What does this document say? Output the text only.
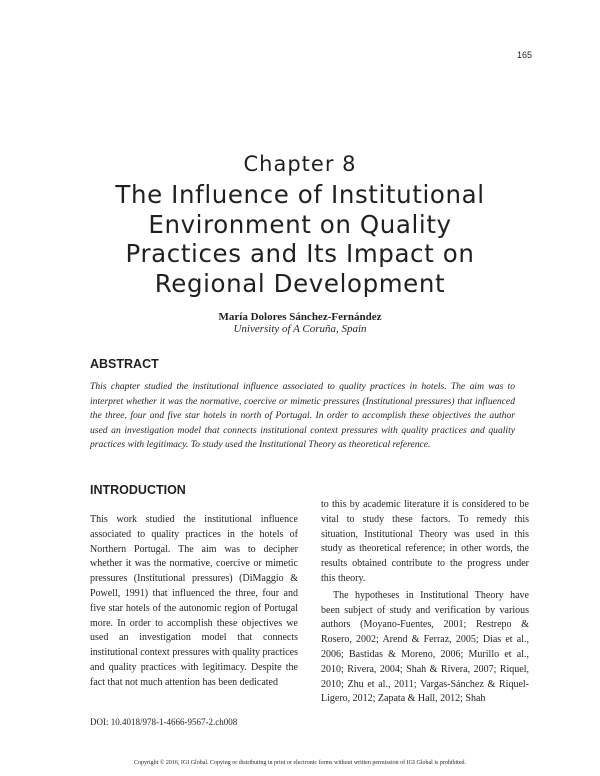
165
Chapter 8
The Influence of Institutional
Environment on Quality
Practices and Its Impact on
Regional Development
María Dolores Sánchez-Fernández
University of A Coruña, Spain
ABSTRACT
This chapter studied the institutional influence associated to quality practices in hotels. The aim was to interpret whether it was the normative, coercive or mimetic pressures (Institutional pressures) that influenced the three, four and five star hotels in north of Portugal. In order to accomplish these objectives the author used an investigation model that connects institutional context pressures with quality practices and quality practices with legitimacy. To study used the Institutional Theory as theoretical reference.
INTRODUCTION

This work studied the institutional influence associated to quality practices in the hotels of Northern Portugal. The aim was to decipher whether it was the normative, coercive or mimetic pressures (Institutional pressures) (DiMaggio & Powell, 1991) that influenced the three, four and five star hotels of the autonomic region of Portugal more. In order to accomplish these objectives we used an investigation model that connects institutional context pressures with quality practices and quality practices with legitimacy. Despite the fact that not much attention has been dedicated

to this by academic literature it is considered to be vital to study these factors. To remedy this situation, Institutional Theory was used in this study as theoretical reference; in other words, the results obtained contribute to the progress under this theory.

The hypotheses in Institutional Theory have been subject of study and verification by various authors (Moyano-Fuentes, 2001; Restrepo & Rosero, 2002; Arend & Ferraz, 2005; Dias et al., 2006; Bastidas & Moreno, 2006; Murillo et al., 2010; Rivera, 2004; Shah & Rivera, 2007; Riquel, 2010; Zhu et al., 2011; Vargas-Sánchez & Riquel-Ligero, 2012; Zapata & Hall, 2012; Shah

DOI: 10.4018/978-1-4666-9567-2.ch008
Copyright © 2016, IGI Global. Copying or distributing in print or electronic forms without written permission of IGI Global is prohibited.
